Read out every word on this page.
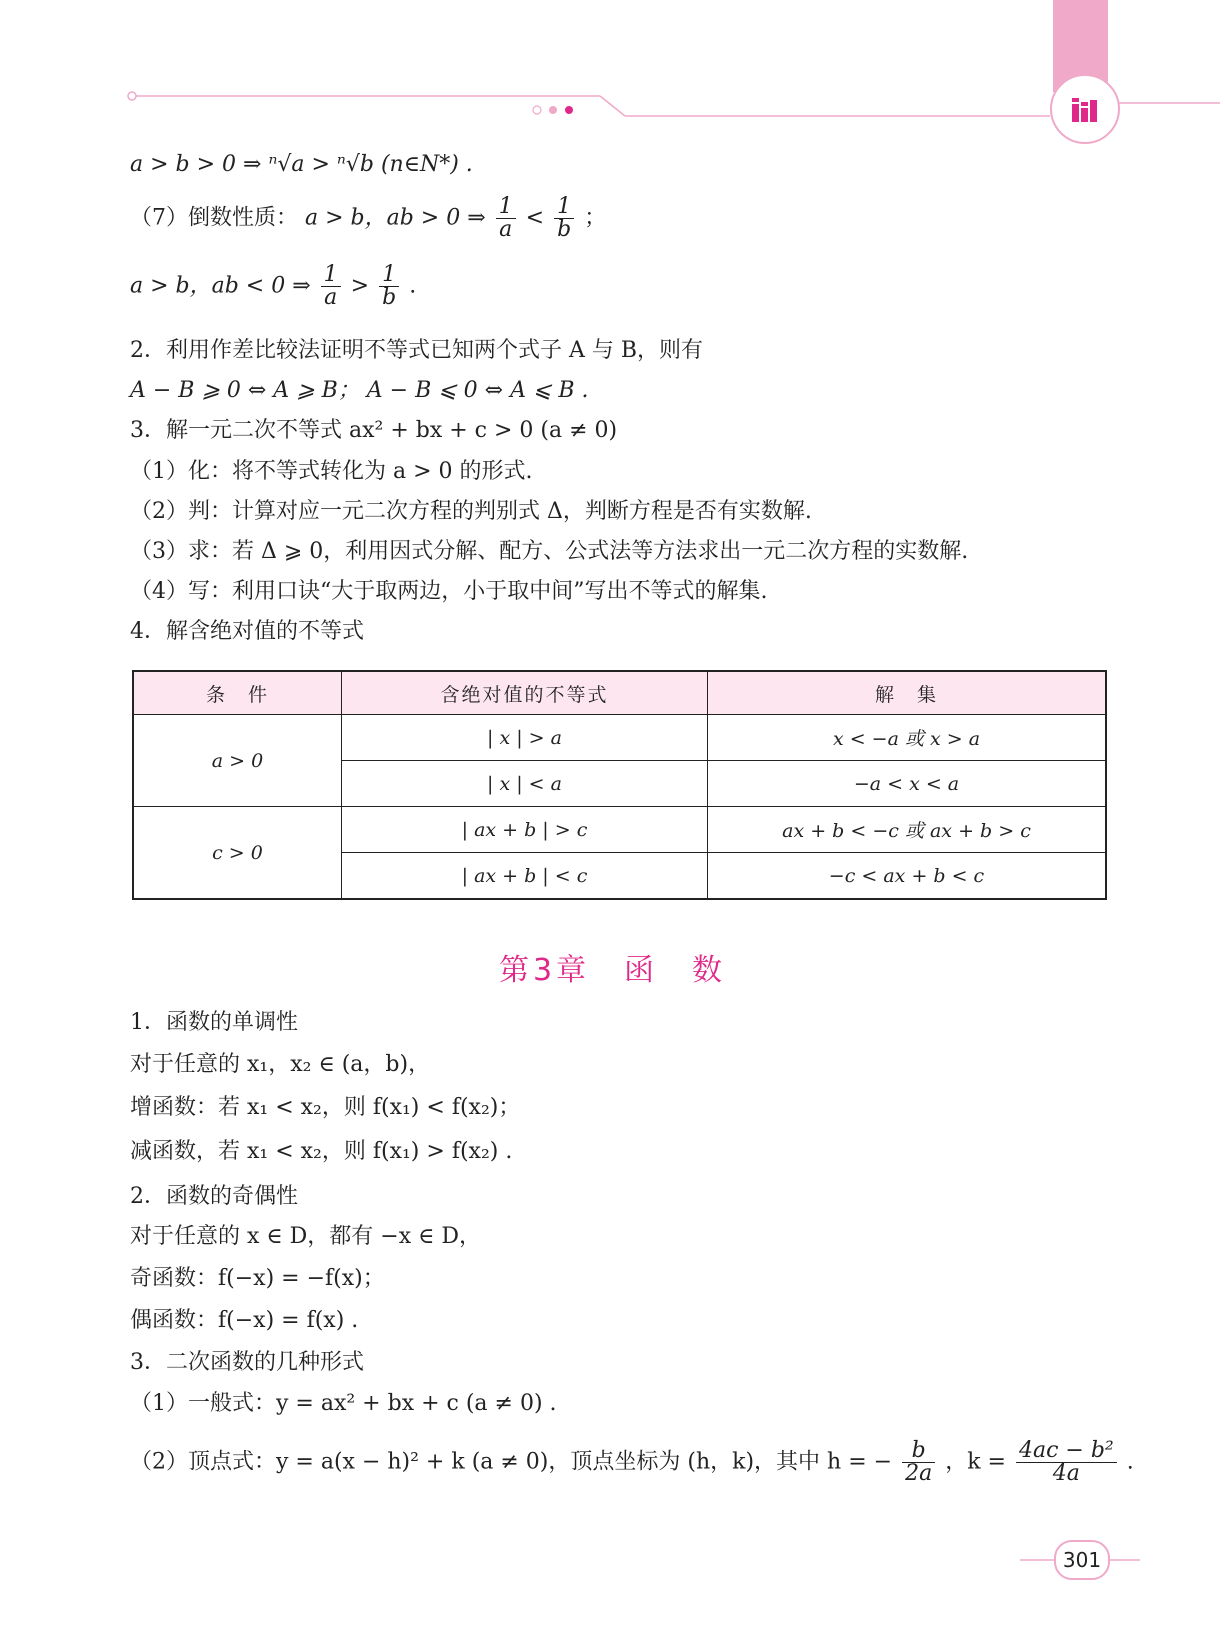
a > b > 0 ⇒ ⁿ√a > ⁿ√b (n∈N*) .
（7）倒数性质： a > b，ab > 0 ⇒ $\frac{1}{a} < \frac{1}{b}$ ；
a > b，ab < 0 ⇒ $\frac{1}{a} > \frac{1}{b}$ .
2．利用作差比较法证明不等式已知两个式子 A 与 B，则有
A − B ⩾ 0 ⇔ A ⩾ B； A − B ⩽ 0 ⇔ A ⩽ B .
3．解一元二次不等式 ax² + bx + c > 0 (a ≠ 0)
（1）化：将不等式转化为 a > 0 的形式.
（2）判：计算对应一元二次方程的判别式 Δ，判断方程是否有实数解.
（3）求：若 Δ ⩾ 0，利用因式分解、配方、公式法等方法求出一元二次方程的实数解.
（4）写：利用口诀“大于取两边，小于取中间”写出不等式的解集.
4．解含绝对值的不等式
条　件	含绝对值的不等式	解　集
a > 0	| x | > a	x < −a 或 x > a
	| x | < a	−a < x < a
c > 0	| ax + b | > c	ax + b < −c 或 ax + b > c
	| ax + b | < c	−c < ax + b < c
第3章　函　数
1．函数的单调性
对于任意的 x₁，x₂ ∈ (a，b)，
增函数：若 x₁ < x₂，则 f(x₁) < f(x₂)；
减函数，若 x₁ < x₂，则 f(x₁) > f(x₂) .
2．函数的奇偶性
对于任意的 x ∈ D，都有 −x ∈ D，
奇函数：f(−x) = −f(x)；
偶函数：f(−x) = f(x) .
3．二次函数的几种形式
（1）一般式：y = ax² + bx + c (a ≠ 0) .
（2）顶点式：y = a(x − h)² + k (a ≠ 0)，顶点坐标为 (h，k)，其中 h = − $\frac{b}{2a}$ ，$k = \frac{\text{4ac − b²}}{4a}$ .
301
